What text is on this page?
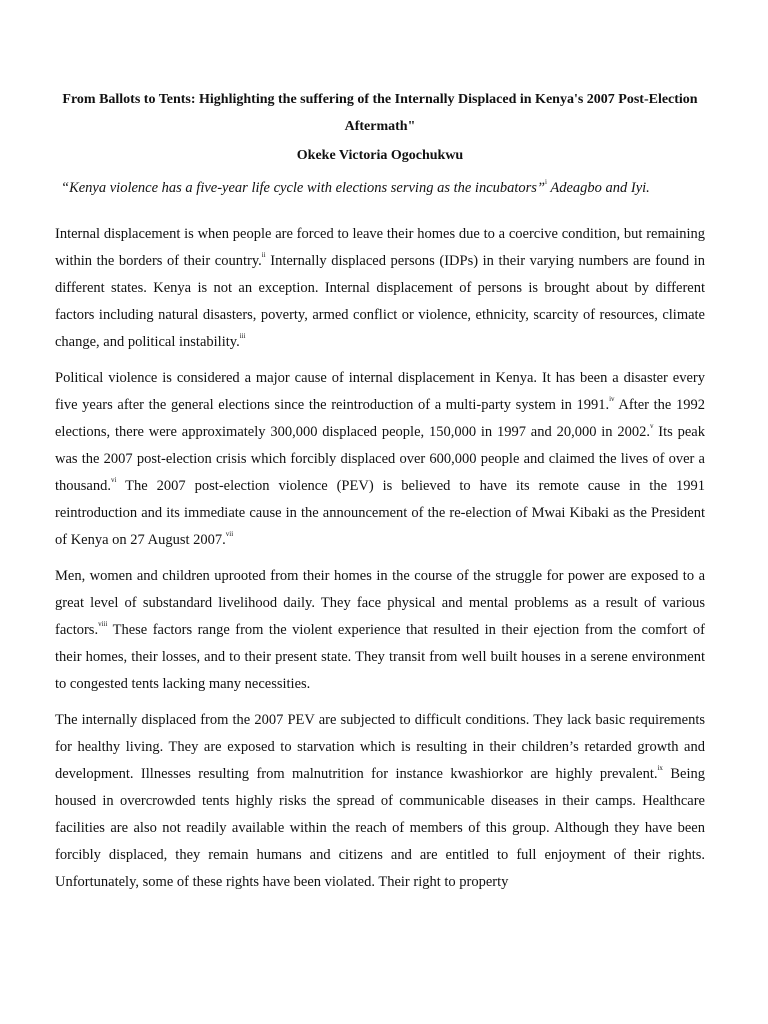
From Ballots to Tents: Highlighting the suffering of the Internally Displaced in Kenya's 2007 Post-Election Aftermath"
Okeke Victoria Ogochukwu
“Kenya violence has a five-year life cycle with elections serving as the incubators”$^i$ Adeagbo and Iyi.
Internal displacement is when people are forced to leave their homes due to a coercive condition, but remaining within the borders of their country.$^{ii}$ Internally displaced persons (IDPs) in their varying numbers are found in different states. Kenya is not an exception. Internal displacement of persons is brought about by different factors including natural disasters, poverty, armed conflict or violence, ethnicity, scarcity of resources, climate change, and political instability.$^{iii}$
Political violence is considered a major cause of internal displacement in Kenya. It has been a disaster every five years after the general elections since the reintroduction of a multi-party system in 1991.$^{iv}$ After the 1992 elections, there were approximately 300,000 displaced people, 150,000 in 1997 and 20,000 in 2002.$^v$ Its peak was the 2007 post-election crisis which forcibly displaced over 600,000 people and claimed the lives of over a thousand.$^{vi}$ The 2007 post-election violence (PEV) is believed to have its remote cause in the 1991 reintroduction and its immediate cause in the announcement of the re-election of Mwai Kibaki as the President of Kenya on 27 August 2007.$^{vii}$
Men, women and children uprooted from their homes in the course of the struggle for power are exposed to a great level of substandard livelihood daily. They face physical and mental problems as a result of various factors.$^{viii}$ These factors range from the violent experience that resulted in their ejection from the comfort of their homes, their losses, and to their present state. They transit from well built houses in a serene environment to congested tents lacking many necessities.
The internally displaced from the 2007 PEV are subjected to difficult conditions. They lack basic requirements for healthy living. They are exposed to starvation which is resulting in their children’s retarded growth and development. Illnesses resulting from malnutrition for instance kwashiorkor are highly prevalent.$^{ix}$ Being housed in overcrowded tents highly risks the spread of communicable diseases in their camps. Healthcare facilities are also not readily available within the reach of members of this group. Although they have been forcibly displaced, they remain humans and citizens and are entitled to full enjoyment of their rights. Unfortunately, some of these rights have been violated. Their right to property
